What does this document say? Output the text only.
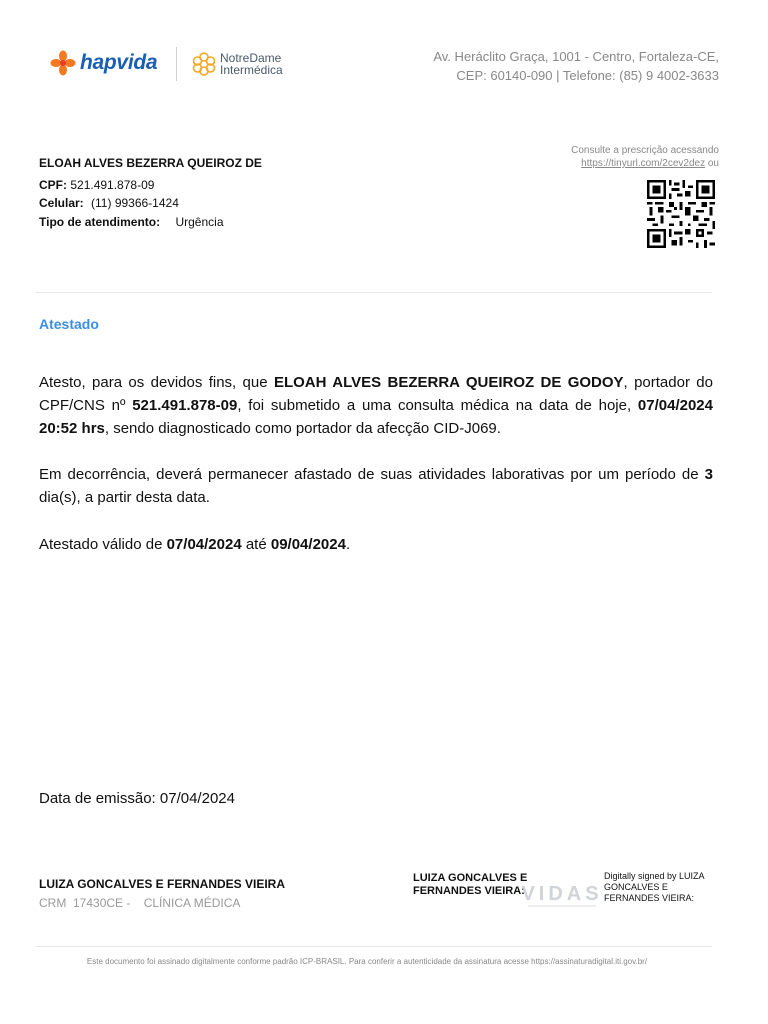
hapvida	NotreDame
Intermédica
Av. Heráclito Graça, 1001 - Centro, Fortaleza-CE,
CEP: 60140-090 | Telefone: (85) 9 4002-3633
ELOAH ALVES BEZERRA QUEIROZ DE
CPF: 521.491.878-09
Celular: (11) 99366-1424
Tipo de atendimento: Urgência
Consulte a prescrição acessando
https://tinyurl.com/2cev2dez ou
Atestado
Atesto, para os devidos fins, que ELOAH ALVES BEZERRA QUEIROZ DE GODOY, portador do CPF/CNS nº 521.491.878-09, foi submetido a uma consulta médica na data de hoje, 07/04/2024 20:52 hrs, sendo diagnosticado como portador da afecção CID-J069.
Em decorrência, deverá permanecer afastado de suas atividades laborativas por um período de 3 dia(s), a partir desta data.
Atestado válido de 07/04/2024 até 09/04/2024.
Data de emissão: 07/04/2024
LUIZA GONCALVES E FERNANDES VIEIRA
CRM  17430CE -    CLÍNICA MÉDICA
LUIZA GONCALVES E FERNANDES VIEIRA:
VIDAS
Digitally signed by LUIZA GONCALVES E FERNANDES VIEIRA:
Este documento foi assinado digitalmente conforme padrão ICP-BRASIL. Para conferir a autenticidade da assinatura acesse https://assinaturadigital.iti.gov.br/
